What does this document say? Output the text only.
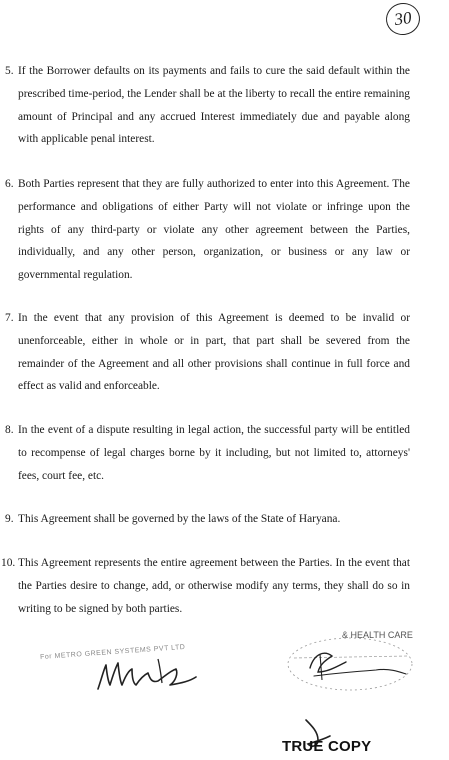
30
5. If the Borrower defaults on its payments and fails to cure the said default within the prescribed time-period, the Lender shall be at the liberty to recall the entire remaining amount of Principal and any accrued Interest immediately due and payable along with applicable penal interest.
6. Both Parties represent that they are fully authorized to enter into this Agreement. The performance and obligations of either Party will not violate or infringe upon the rights of any third-party or violate any other agreement between the Parties, individually, and any other person, organization, or business or any law or governmental regulation.
7. In the event that any provision of this Agreement is deemed to be invalid or unenforceable, either in whole or in part, that part shall be severed from the remainder of the Agreement and all other provisions shall continue in full force and effect as valid and enforceable.
8. In the event of a dispute resulting in legal action, the successful party will be entitled to recompense of legal charges borne by it including, but not limited to, attorneys' fees, court fee, etc.
9. This Agreement shall be governed by the laws of the State of Haryana.
10. This Agreement represents the entire agreement between the Parties. In the event that the Parties desire to change, add, or otherwise modify any terms, they shall do so in writing to be signed by both parties.
For METRO GREEN SYSTEMS PVT LTD
& HEALTH CARE
TRUE COPY
